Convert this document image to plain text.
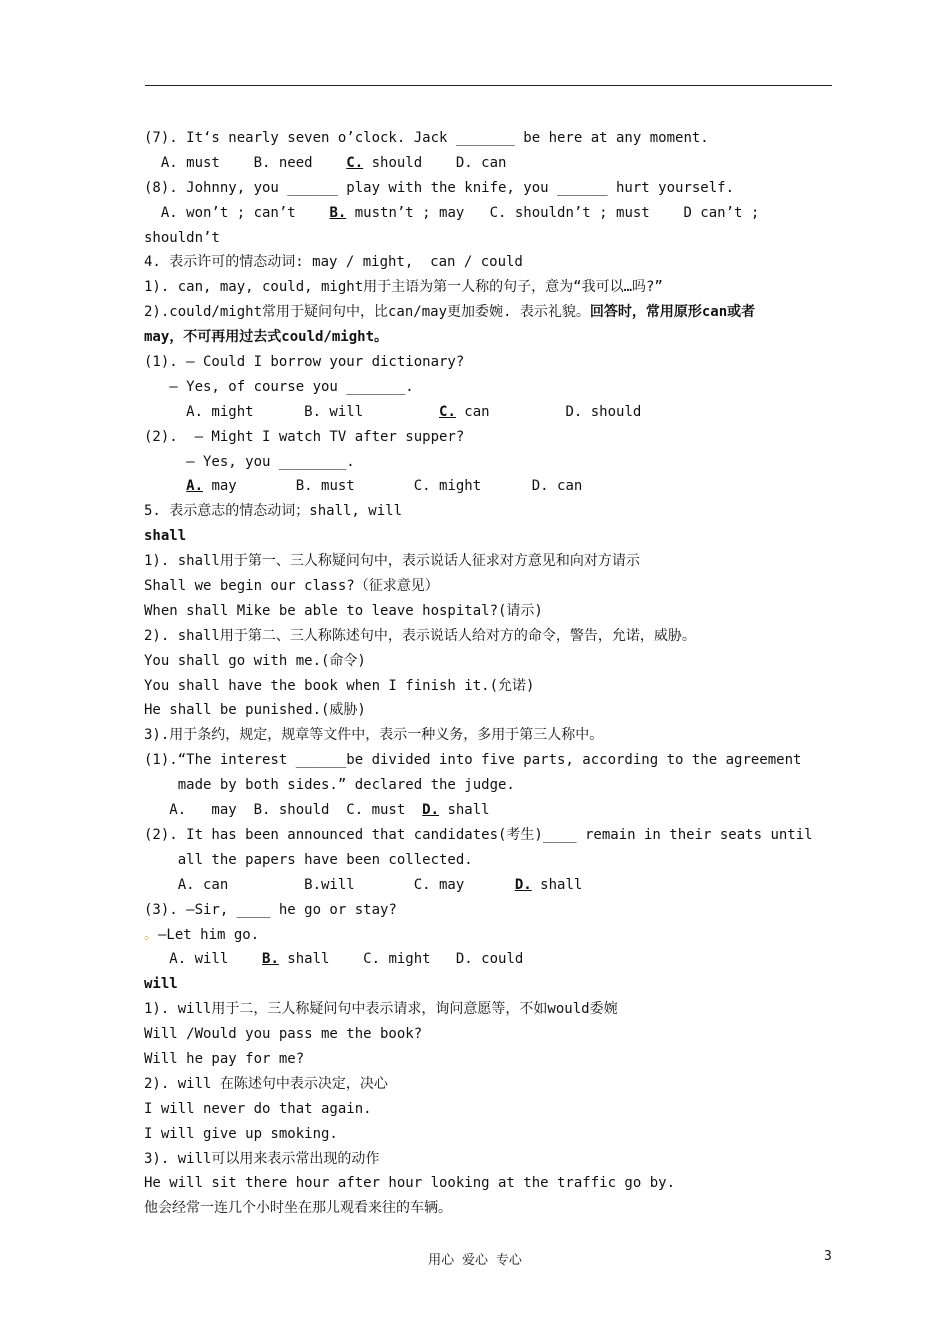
(7). It‘s nearly seven o’clock. Jack _______ be here at any moment.
A. must    B. need    C. should    D. can
(8). Johnny, you ______ play with the knife, you ______ hurt yourself.
A. won’t ; can’t    B. mustn’t ; may   C. shouldn’t ; must    D can’t ;
shouldn’t
4. 表示许可的情态动词: may / might,  can / could
1). can, may, could, might用于主语为第一人称的句子，意为“我可以…吗?”
2).could/might常用于疑问句中，比can/may更加委婉. 表示礼貌。回答时，常用原形can或者
may，不可再用过去式could/might。
(1). — Could I borrow your dictionary?
— Yes, of course you _______.
A. might      B. will         C. can         D. should
(2).  — Might I watch TV after supper?
— Yes, you ________.
A. may       B. must       C. might      D. can
5. 表示意志的情态动词；shall, will
shall
1). shall用于第一、三人称疑问句中，表示说话人征求对方意见和向对方请示
Shall we begin our class?（征求意见）
When shall Mike be able to leave hospital?(请示)
2). shall用于第二、三人称陈述句中，表示说话人给对方的命令，警告，允诺，威胁。
You shall go with me.(命令)
You shall have the book when I finish it.(允诺)
He shall be punished.(威胁)
3).用于条约，规定，规章等文件中，表示一种义务，多用于第三人称中。
(1).“The interest ______be divided into five parts, according to the agreement
made by both sides.” declared the judge.
A.   may  B. should  C. must  D. shall
(2). It has been announced that candidates(考生)____ remain in their seats until
all the papers have been collected.
A. can         B.will       C. may      D. shall
(3). —Sir, ____ he go or stay?
。—Let him go.
A. will    B. shall    C. might   D. could
will
1). will用于二，三人称疑问句中表示请求，询问意愿等，不如would委婉
Will /Would you pass me the book?
Will he pay for me?
2). will 在陈述句中表示决定，决心
I will never do that again.
I will give up smoking.
3). will可以用来表示常出现的动作
He will sit there hour after hour looking at the traffic go by.
他会经常一连几个小时坐在那儿观看来往的车辆。
用心 爱心 专心	3
